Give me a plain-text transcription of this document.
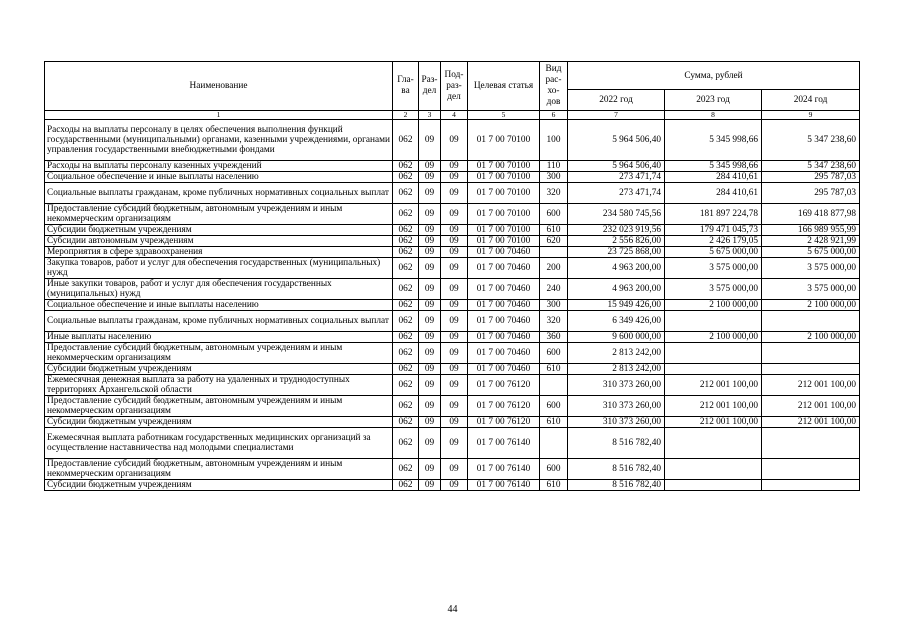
Наименование	Гла-ва	Раз-дел	Под-раз-дел	Целевая статья	Вид рас-хо-дов	Сумма, рублей		
						2022 год	2023 год	2024 год
1	2	3	4	5	6	7	8	9
Расходы на выплаты персоналу в целях обеспечения выполнения функций государственными (муниципальными) органами, казенными учреждениями, органами управления государственными внебюджетными фондами	062	09	09	01 7 00 70100	100	5 964 506,40	5 345 998,66	5 347 238,60
Расходы на выплаты персоналу казенных учреждений	062	09	09	01 7 00 70100	110	5 964 506,40	5 345 998,66	5 347 238,60
Социальное обеспечение и иные выплаты населению	062	09	09	01 7 00 70100	300	273 471,74	284 410,61	295 787,03
Социальные выплаты гражданам, кроме публичных нормативных социальных выплат	062	09	09	01 7 00 70100	320	273 471,74	284 410,61	295 787,03
Предоставление субсидий бюджетным, автономным учреждениям и иным некоммерческим организациям	062	09	09	01 7 00 70100	600	234 580 745,56	181 897 224,78	169 418 877,98
Субсидии бюджетным учреждениям	062	09	09	01 7 00 70100	610	232 023 919,56	179 471 045,73	166 989 955,99
Субсидии автономным учреждениям	062	09	09	01 7 00 70100	620	2 556 826,00	2 426 179,05	2 428 921,99
Мероприятия в сфере здравоохранения	062	09	09	01 7 00 70460		23 725 868,00	5 675 000,00	5 675 000,00
Закупка товаров, работ и услуг для обеспечения государственных (муниципальных) нужд	062	09	09	01 7 00 70460	200	4 963 200,00	3 575 000,00	3 575 000,00
Иные закупки товаров, работ и услуг для обеспечения государственных (муниципальных) нужд	062	09	09	01 7 00 70460	240	4 963 200,00	3 575 000,00	3 575 000,00
Социальное обеспечение и иные выплаты населению	062	09	09	01 7 00 70460	300	15 949 426,00	2 100 000,00	2 100 000,00
Социальные выплаты гражданам, кроме публичных нормативных социальных выплат	062	09	09	01 7 00 70460	320	6 349 426,00		
Иные выплаты населению	062	09	09	01 7 00 70460	360	9 600 000,00	2 100 000,00	2 100 000,00
Предоставление субсидий бюджетным, автономным учреждениям и иным некоммерческим организациям	062	09	09	01 7 00 70460	600	2 813 242,00		
Субсидии бюджетным учреждениям	062	09	09	01 7 00 70460	610	2 813 242,00		
Ежемесячная денежная выплата за работу на удаленных и труднодоступных территориях Архангельской области	062	09	09	01 7 00 76120		310 373 260,00	212 001 100,00	212 001 100,00
Предоставление субсидий бюджетным, автономным учреждениям и иным некоммерческим организациям	062	09	09	01 7 00 76120	600	310 373 260,00	212 001 100,00	212 001 100,00
Субсидии бюджетным учреждениям	062	09	09	01 7 00 76120	610	310 373 260,00	212 001 100,00	212 001 100,00
Ежемесячная выплата работникам государственных медицинских организаций за осуществление наставничества над молодыми специалистами	062	09	09	01 7 00 76140		8 516 782,40		
Предоставление субсидий бюджетным, автономным учреждениям и иным некоммерческим организациям	062	09	09	01 7 00 76140	600	8 516 782,40		
Субсидии бюджетным учреждениям	062	09	09	01 7 00 76140	610	8 516 782,40		
44
